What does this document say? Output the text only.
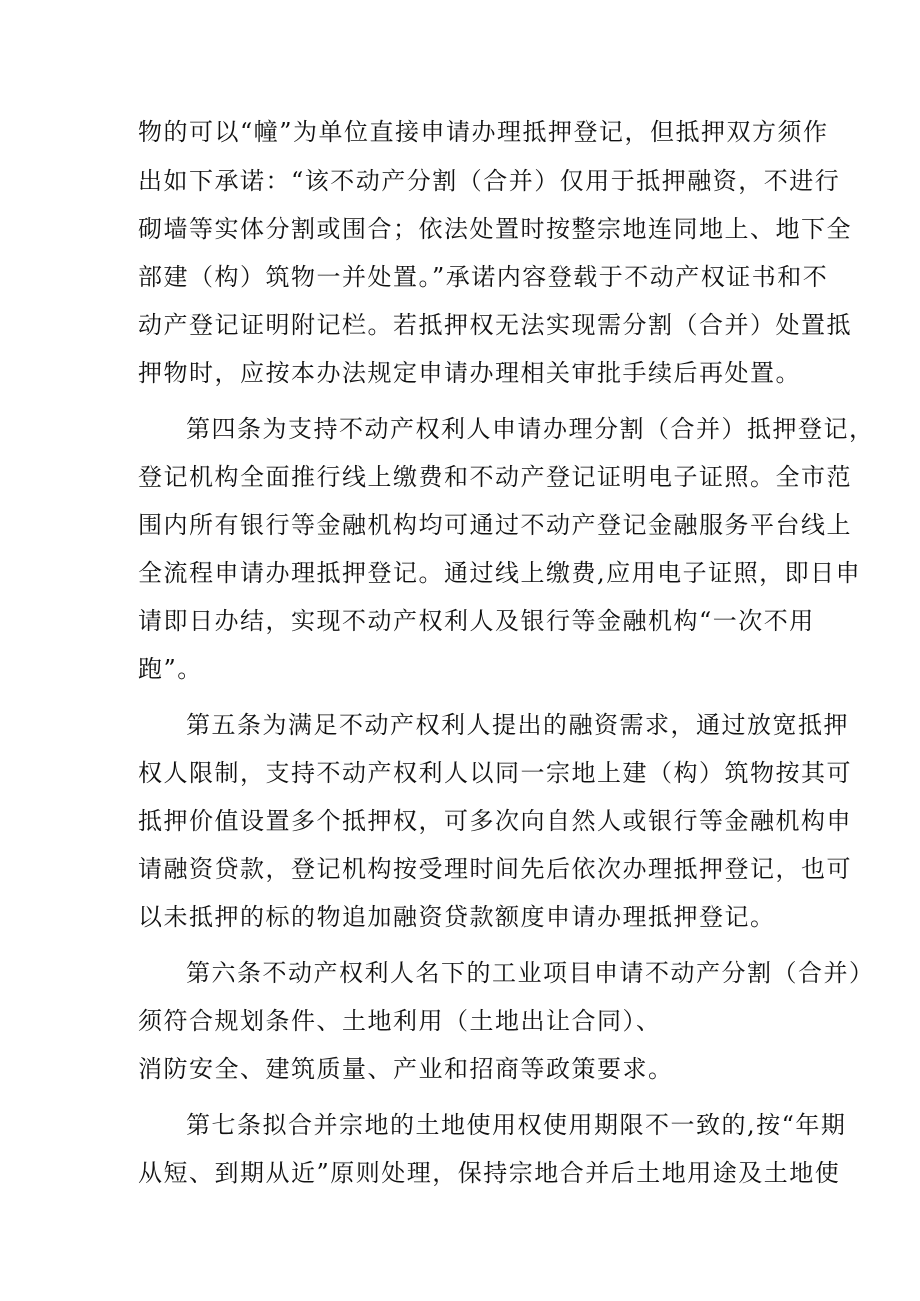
物的可以“幢”为单位直接申请办理抵押登记，但抵押双方须作
出如下承诺：“该不动产分割（合并）仅用于抵押融资，不进行
砌墙等实体分割或围合；依法处置时按整宗地连同地上、地下全
部建（构）筑物一并处置。”承诺内容登载于不动产权证书和不
动产登记证明附记栏。若抵押权无法实现需分割（合并）处置抵
押物时，应按本办法规定申请办理相关审批手续后再处置。
第四条为支持不动产权利人申请办理分割（合并）抵押登记，
登记机构全面推行线上缴费和不动产登记证明电子证照。全市范
围内所有银行等金融机构均可通过不动产登记金融服务平台线上
全流程申请办理抵押登记。通过线上缴费,应用电子证照，即日申
请即日办结，实现不动产权利人及银行等金融机构“一次不用
跑”。
第五条为满足不动产权利人提出的融资需求，通过放宽抵押
权人限制，支持不动产权利人以同一宗地上建（构）筑物按其可
抵押价值设置多个抵押权，可多次向自然人或银行等金融机构申
请融资贷款，登记机构按受理时间先后依次办理抵押登记，也可
以未抵押的标的物追加融资贷款额度申请办理抵押登记。
第六条不动产权利人名下的工业项目申请不动产分割（合并）
须符合规划条件、土地利用（土地出让合同）、
消防安全、建筑质量、产业和招商等政策要求。
第七条拟合并宗地的土地使用权使用期限不一致的,按“年期
从短、到期从近”原则处理，保持宗地合并后土地用途及土地使
